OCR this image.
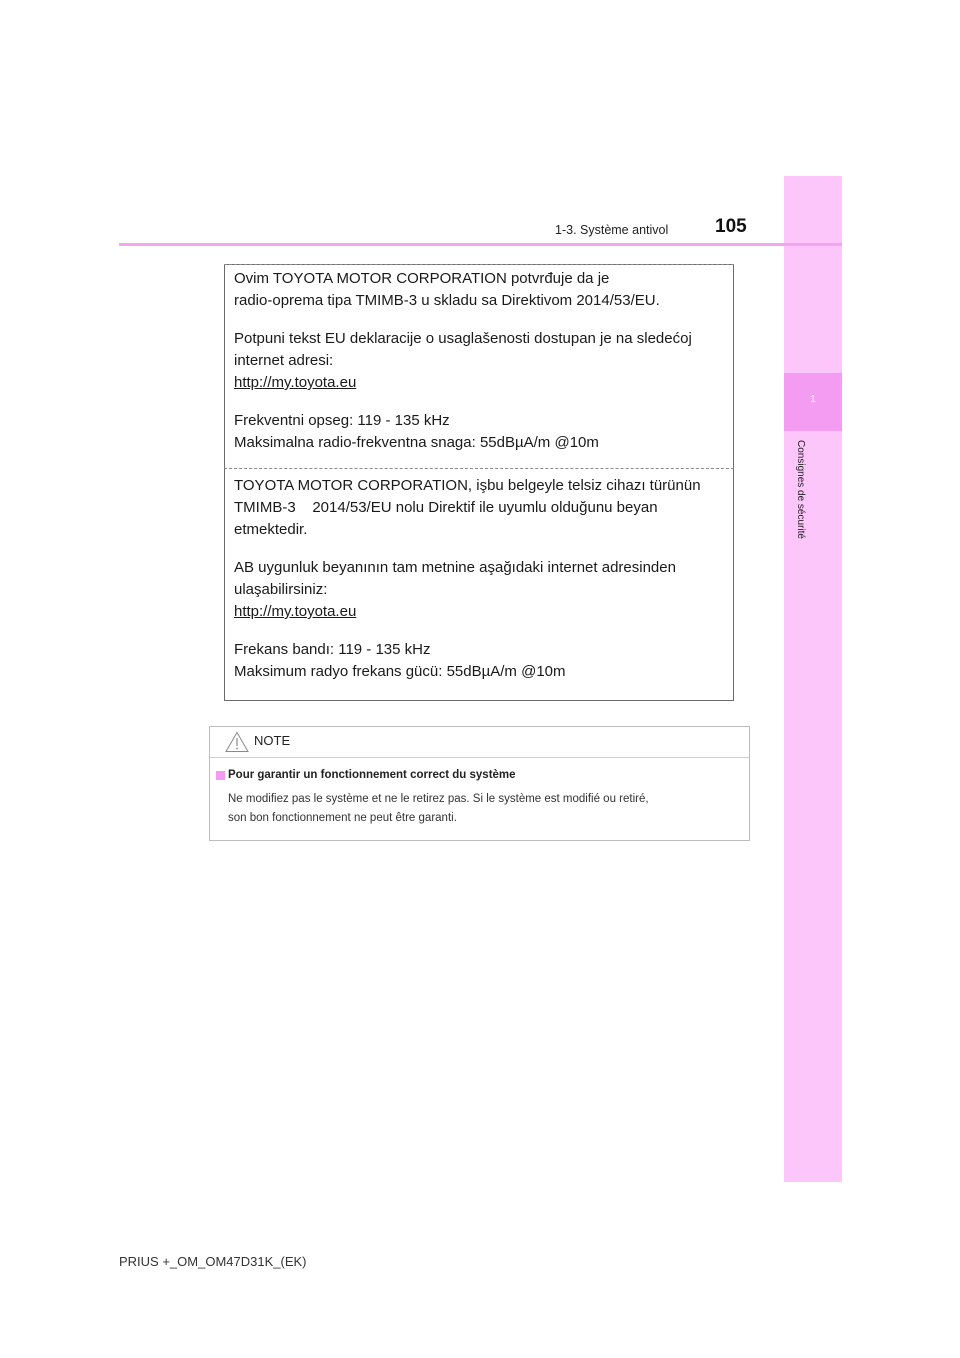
1
Consignes de sécurité
1-3. Système antivol 105

Ovim TOYOTA MOTOR CORPORATION potvrđuje da je

radio-oprema tipa TMIMB-3 u skladu sa Direktivom 2014/53/EU.

Potpuni tekst EU deklaracije o usaglašenosti dostupan je na sledećoj

internet adresi:

http://my.toyota.eu

Frekventni opseg: 119 - 135 kHz

Maksimalna radio-frekventna snaga: 55dBµA/m @10m

TOYOTA MOTOR CORPORATION, işbu belgeyle telsiz cihazı türünün

TMIMB-3    2014/53/EU nolu Direktif ile uyumlu olduğunu beyan

etmektedir.

AB uygunluk beyanının tam metnine aşağıdaki internet adresinden

ulaşabilirsiniz:

http://my.toyota.eu

Frekans bandı: 119 - 135 kHz

Maksimum radyo frekans gücü: 55dBµA/m @10m

NOTE
Pour garantir un fonctionnement correct du système
Ne modifiez pas le système et ne le retirez pas. Si le système est modifié ou retiré,
son bon fonctionnement ne peut être garanti.
PRIUS +_OM_OM47D31K_(EK)
